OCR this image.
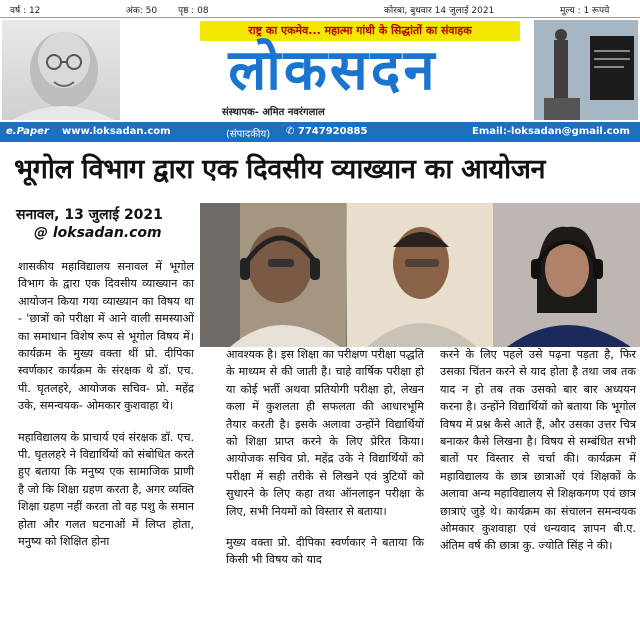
वर्ष : 12	अंक: 50 पृष्ठ : 08	कोरबा, बुधवार 14 जुलाई 2021	मूल्य : 1 रूपये
राष्ट्र का एकमेव... महात्मा गांधी के सिद्धांतों का संवाहक
लोकसदन
संस्थापक- अमित नवरंगलाल
e.Paper www.loksadan.com	(संपादकीय) ✆ 7747920885	Email:-loksadan@gmail.com
भूगोल विभाग द्वारा एक दिवसीय व्याख्यान का आयोजन
सनावल, 13 जुलाई 2021
@ loksadan.com

शासकीय महाविद्यालय सनावल में भूगोल विभाग के द्वारा एक दिवसीय व्याख्यान का आयोजन किया गया व्याख्यान का विषय था - 'छात्रों को परीक्षा में आने वाली समस्याओं का समाधान विशेष रूप से भूगोल विषय में। कार्यक्रम के मुख्य वक्ता थीं प्रो. दीपिका स्वर्णकार कार्यक्रम के संरक्षक थे डॉ. एच. पी. घृतलहरे, आयोजक सचिव- प्रो. महेंद्र उके, समन्वयक- ओमकार कुशवाहा थे।

महाविद्यालय के प्राचार्य एवं संरक्षक डॉ. एच. पी. घृतलहरे ने विद्यार्थियों को संबोधित करते हुए बताया कि मनुष्य एक सामाजिक प्राणी है जो कि शिक्षा ग्रहण करता है, अगर व्यक्ति शिक्षा ग्रहण नहीं करता तो वह पशु के समान होता और गलत घटनाओं में लिप्त होता, मनुष्य को शिक्षित होना

आवश्यक है। इस शिक्षा का परीक्षण परीक्षा पद्धति के माध्यम से की जाती है। चाहे वार्षिक परीक्षा हो या कोई भर्ती अथवा प्रतियोगी परीक्षा हो, लेखन कला में कुशलता ही सफलता की आधारभूमि तैयार करती है। इसके अलावा उन्होंने विद्यार्थियों को शिक्षा प्राप्त करने के लिए प्रेरित किया। आयोजक सचिव प्रो. महेंद्र उके ने विद्यार्थियों को परीक्षा में सही तरीके से लिखने एवं त्रुटियों को सुधारने के लिए कहा तथा ऑनलाइन परीक्षा के लिए, सभी नियमों को विस्तार से बताया।

मुख्य वक्ता प्रो. दीपिका स्वर्णकार ने बताया कि किसी भी विषय को याद

करने के लिए पहले उसे पढ़ना पड़ता है, फिर उसका चिंतन करने से याद होता है तथा जब तक याद न हो तब तक उसको बार बार अध्ययन करना है। उन्होंने विद्यार्थियों को बताया कि भूगोल विषय में प्रश्न कैसे आते हैं, और उसका उत्तर चित्र बनाकर कैसे लिखना है। विषय से सम्बंधित सभी बातों पर विस्तार से चर्चा की। कार्यक्रम में महाविद्यालय के छात्र छात्राओं एवं शिक्षकों के अलावा अन्य महाविद्यालय से शिक्षकगण एवं छात्र छात्राएं जुड़े थे। कार्यक्रम का संचालन समन्वयक ओमकार कुशवाहा एवं धन्यवाद ज्ञापन बी.ए. अंतिम वर्ष की छात्रा कु. ज्योति सिंह ने की।
